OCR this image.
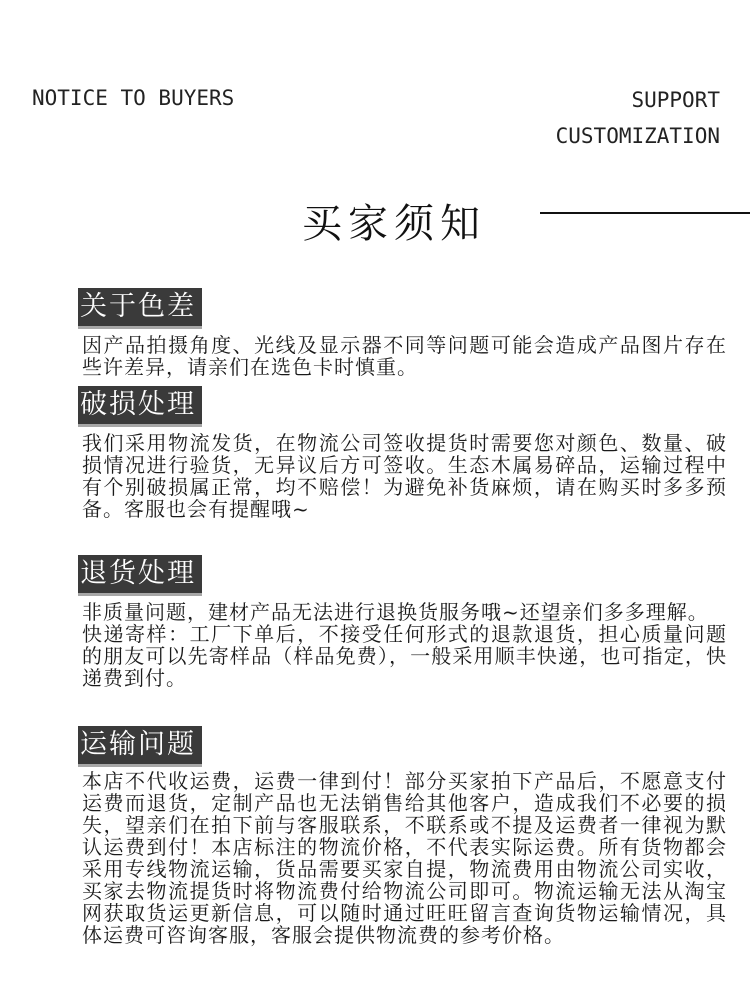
NOTICE TO BUYERS	SUPPORT
CUSTOMIZATION
买家须知
关于色差

因产品拍摄角度、光线及显示器不同等问题可能会造成产品图片存在些许差异，请亲们在选色卡时慎重。

破损处理

我们采用物流发货，在物流公司签收提货时需要您对颜色、数量、破损情况进行验货，无异议后方可签收。生态木属易碎品，运输过程中有个别破损属正常，均不赔偿！为避免补货麻烦，请在购买时多多预备。客服也会有提醒哦~

退货处理

非质量问题，建材产品无法进行退换货服务哦~还望亲们多多理解。

快递寄样：工厂下单后，不接受任何形式的退款退货，担心质量问题的朋友可以先寄样品（样品免费），一般采用顺丰快递，也可指定，快递费到付。

运输问题

本店不代收运费，运费一律到付！部分买家拍下产品后，不愿意支付运费而退货，定制产品也无法销售给其他客户，造成我们不必要的损失，望亲们在拍下前与客服联系，不联系或不提及运费者一律视为默认运费到付！本店标注的物流价格，不代表实际运费。所有货物都会采用专线物流运输，货品需要买家自提，物流费用由物流公司实收，买家去物流提货时将物流费付给物流公司即可。物流运输无法从淘宝网获取货运更新信息，可以随时通过旺旺留言查询货物运输情况，具体运费可咨询客服，客服会提供物流费的参考价格。
